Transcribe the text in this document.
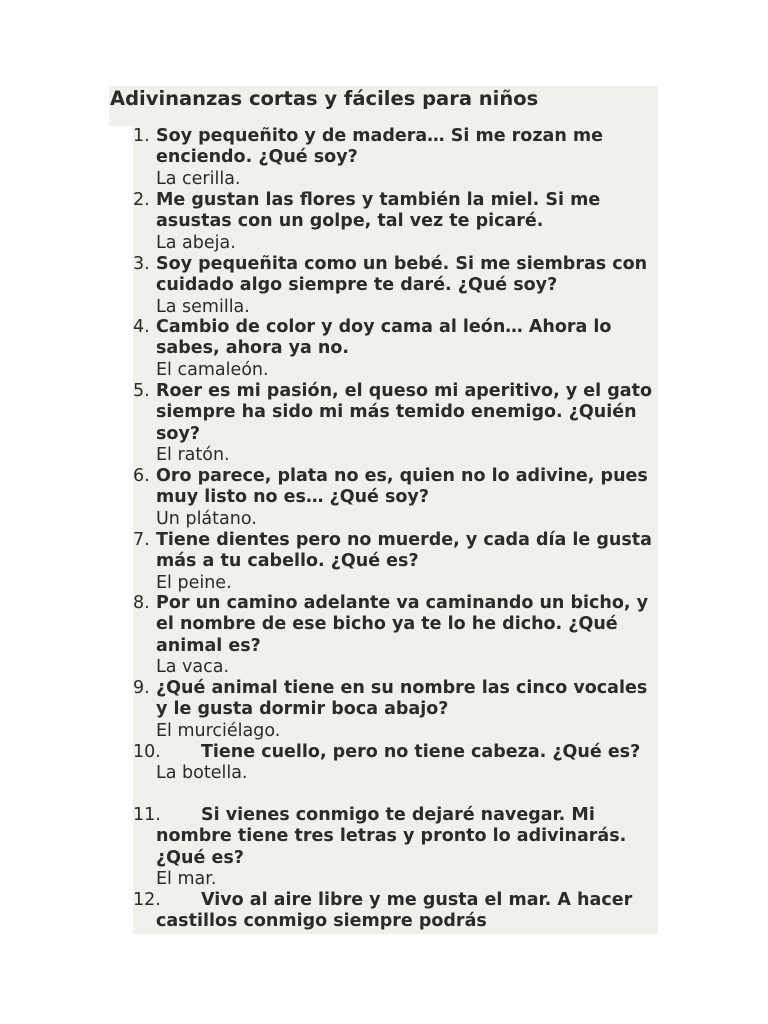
Adivinanzas cortas y fáciles para niños
1. Soy pequeñito y de madera… Si me rozan me enciendo. ¿Qué soy?

La cerilla.

2. Me gustan las flores y también la miel. Si me asustas con un golpe, tal vez te picaré.

La abeja.

3. Soy pequeñita como un bebé. Si me siembras con cuidado algo siempre te daré. ¿Qué soy?

La semilla.

4. Cambio de color y doy cama al león… Ahora lo sabes, ahora ya no.

El camaleón.

5. Roer es mi pasión, el queso mi aperitivo, y el gato siempre ha sido mi más temido enemigo. ¿Quién soy?

El ratón.

6. Oro parece, plata no es, quien no lo adivine, pues muy listo no es… ¿Qué soy?

Un plátano.

7. Tiene dientes pero no muerde, y cada día le gusta más a tu cabello. ¿Qué es?

El peine.

8. Por un camino adelante va caminando un bicho, y el nombre de ese bicho ya te lo he dicho. ¿Qué animal es?

La vaca.

9. ¿Qué animal tiene en su nombre las cinco vocales y le gusta dormir boca abajo?

El murciélago.

10.	Tiene cuello, pero no tiene cabeza. ¿Qué es?

La botella.

11.	Si vienes conmigo te dejaré navegar. Mi nombre tiene tres letras y pronto lo adivinarás. ¿Qué es?

El mar.

12.	Vivo al aire libre y me gusta el mar. A hacer castillos conmigo siempre podrás
